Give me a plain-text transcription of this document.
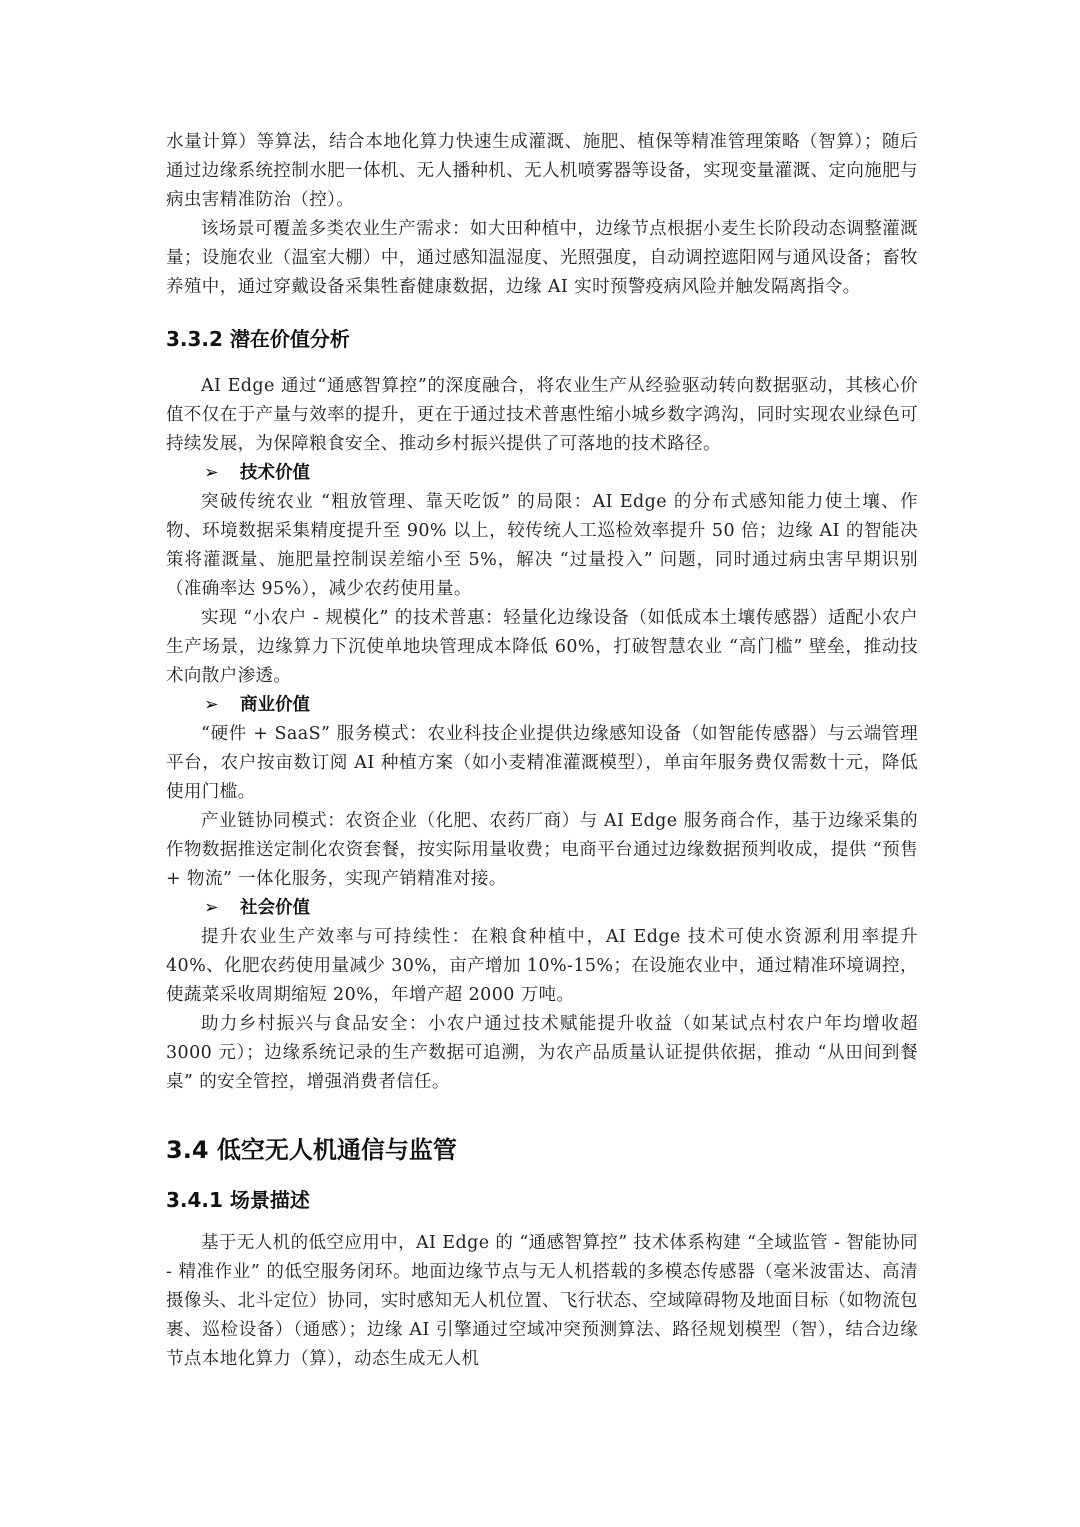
水量计算）等算法，结合本地化算力快速生成灌溉、施肥、植保等精准管理策略（智算）；随后通过边缘系统控制水肥一体机、无人播种机、无人机喷雾器等设备，实现变量灌溉、定向施肥与病虫害精准防治（控）。

该场景可覆盖多类农业生产需求：如大田种植中，边缘节点根据小麦生长阶段动态调整灌溉量；设施农业（温室大棚）中，通过感知温湿度、光照强度，自动调控遮阳网与通风设备；畜牧养殖中，通过穿戴设备采集牲畜健康数据，边缘 AI 实时预警疫病风险并触发隔离指令。

3.3.2 潜在价值分析

AI Edge 通过“通感智算控”的深度融合，将农业生产从经验驱动转向数据驱动，其核心价值不仅在于产量与效率的提升，更在于通过技术普惠性缩小城乡数字鸿沟，同时实现农业绿色可持续发展，为保障粮食安全、推动乡村振兴提供了可落地的技术路径。

➢ 技术价值

突破传统农业 “粗放管理、靠天吃饭” 的局限：AI Edge 的分布式感知能力使土壤、作物、环境数据采集精度提升至 90% 以上，较传统人工巡检效率提升 50 倍；边缘 AI 的智能决策将灌溉量、施肥量控制误差缩小至 5%，解决 “过量投入” 问题，同时通过病虫害早期识别（准确率达 95%），减少农药使用量。

实现 “小农户 - 规模化” 的技术普惠：轻量化边缘设备（如低成本土壤传感器）适配小农户生产场景，边缘算力下沉使单地块管理成本降低 60%，打破智慧农业 “高门槛” 壁垒，推动技术向散户渗透。

➢ 商业价值

“硬件 + SaaS” 服务模式：农业科技企业提供边缘感知设备（如智能传感器）与云端管理平台，农户按亩数订阅 AI 种植方案（如小麦精准灌溉模型），单亩年服务费仅需数十元，降低使用门槛。

产业链协同模式：农资企业（化肥、农药厂商）与 AI Edge 服务商合作，基于边缘采集的作物数据推送定制化农资套餐，按实际用量收费；电商平台通过边缘数据预判收成，提供 “预售 + 物流” 一体化服务，实现产销精准对接。

➢ 社会价值

提升农业生产效率与可持续性：在粮食种植中，AI Edge 技术可使水资源利用率提升 40%、化肥农药使用量减少 30%，亩产增加 10%-15%；在设施农业中，通过精准环境调控，使蔬菜采收周期缩短 20%，年增产超 2000 万吨。

助力乡村振兴与食品安全：小农户通过技术赋能提升收益（如某试点村农户年均增收超 3000 元）；边缘系统记录的生产数据可追溯，为农产品质量认证提供依据，推动 “从田间到餐桌” 的安全管控，增强消费者信任。

3.4 低空无人机通信与监管
3.4.1 场景描述

基于无人机的低空应用中，AI Edge 的 “通感智算控” 技术体系构建 “全域监管 - 智能协同 - 精准作业” 的低空服务闭环。地面边缘节点与无人机搭载的多模态传感器（毫米波雷达、高清摄像头、北斗定位）协同，实时感知无人机位置、飞行状态、空域障碍物及地面目标（如物流包裹、巡检设备）（通感）；边缘 AI 引擎通过空域冲突预测算法、路径规划模型（智），结合边缘节点本地化算力（算），动态生成无人机
